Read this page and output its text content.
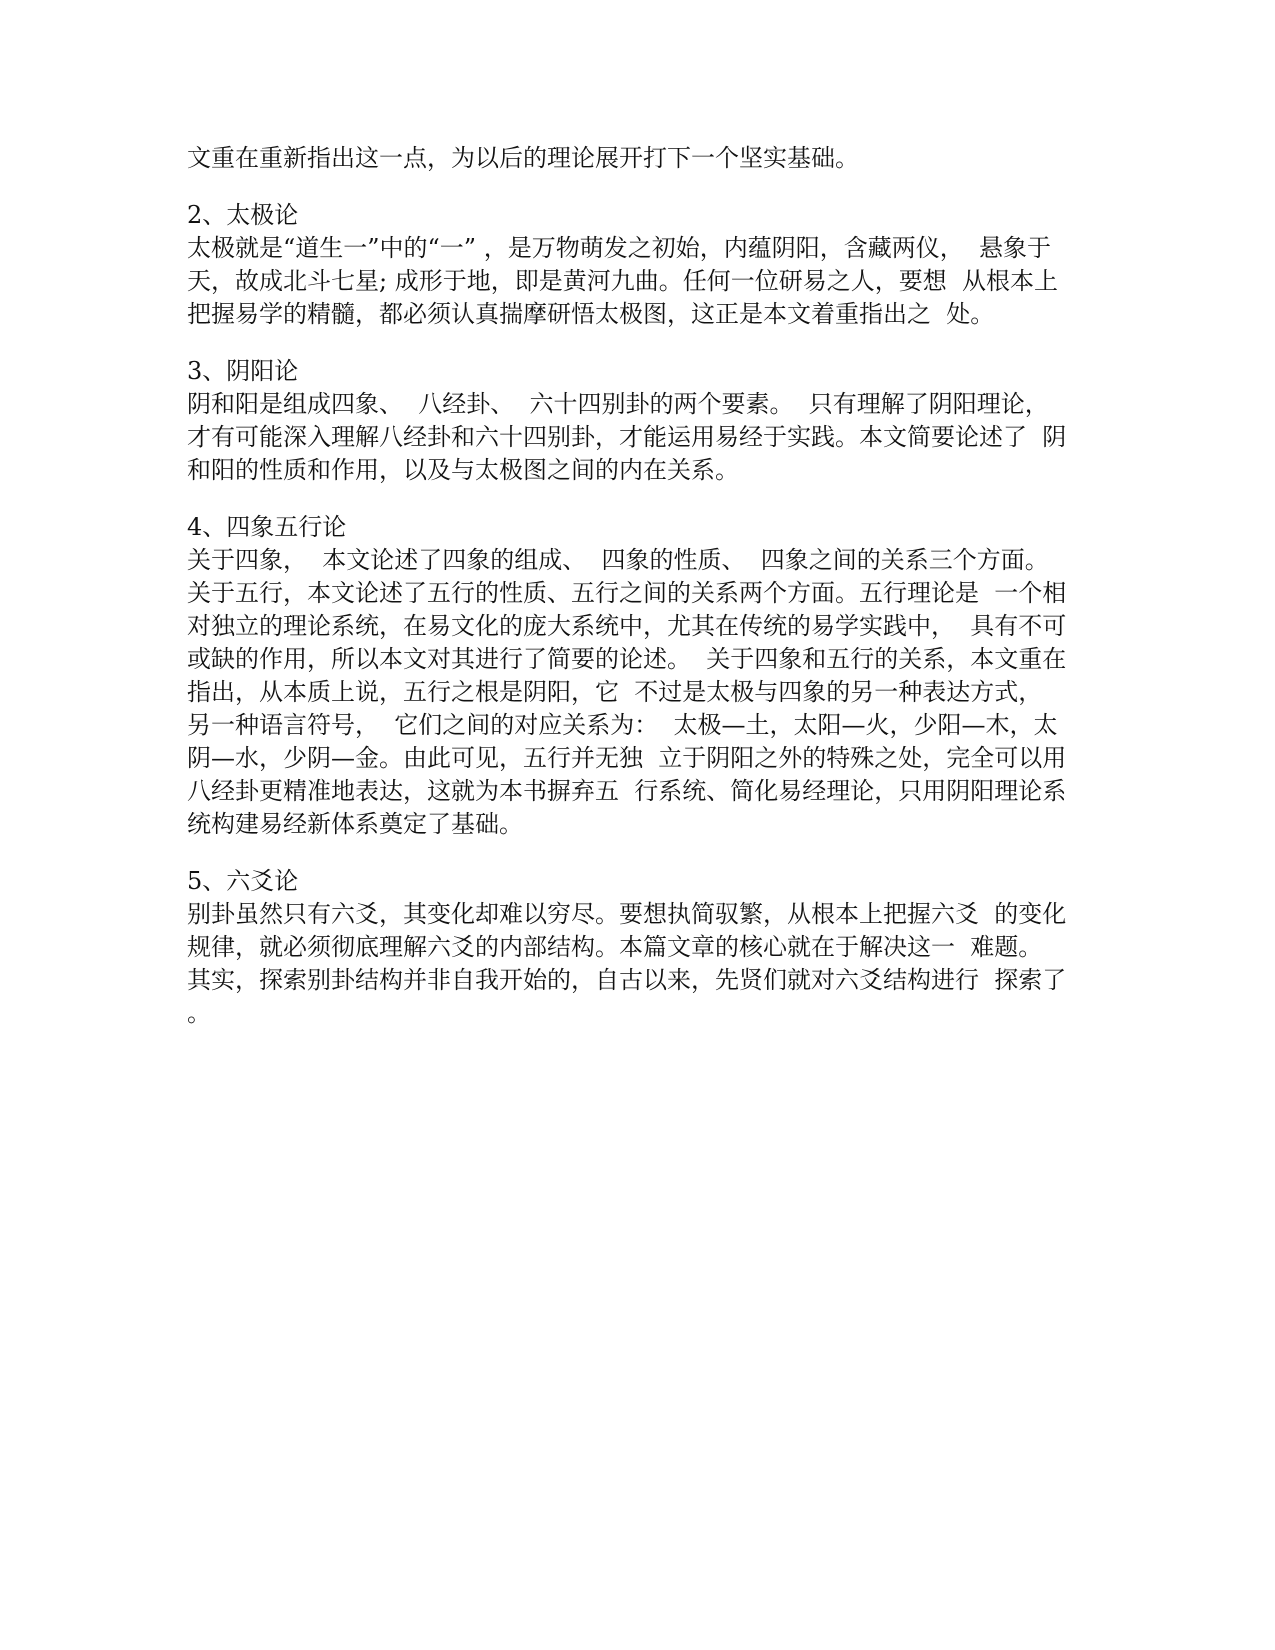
文重在重新指出这一点，为以后的理论展开打下一个坚实基础。
2、太极论
太极就是“道生一”中的“一” ，是万物萌发之初始，内蕴阴阳，含藏两仪，  悬象于
天，故成北斗七星; 成形于地，即是黄河九曲。任何一位研易之人，要想  从根本上
把握易学的精髓，都必须认真揣摩研悟太极图，这正是本文着重指出之  处。
3、阴阳论
阴和阳是组成四象、  八经卦、  六十四别卦的两个要素。  只有理解了阴阳理论，
才有可能深入理解八经卦和六十四别卦，才能运用易经于实践。本文简要论述了  阴
和阳的性质和作用，以及与太极图之间的内在关系。
4、四象五行论
关于四象，  本文论述了四象的组成、  四象的性质、  四象之间的关系三个方面。
关于五行，本文论述了五行的性质、五行之间的关系两个方面。五行理论是  一个相
对独立的理论系统，在易文化的庞大系统中，尤其在传统的易学实践中，  具有不可
或缺的作用，所以本文对其进行了简要的论述。  关于四象和五行的关系，本文重在
指出，从本质上说，五行之根是阴阳，它  不过是太极与四象的另一种表达方式，
另一种语言符号，  它们之间的对应关系为：  太极—土，太阳—火，少阳—木，太
阴—水，少阴—金。由此可见，五行并无独  立于阴阳之外的特殊之处，完全可以用
八经卦更精准地表达，这就为本书摒弃五  行系统、简化易经理论，只用阴阳理论系
统构建易经新体系奠定了基础。
5、六爻论
别卦虽然只有六爻，其变化却难以穷尽。要想执简驭繁，从根本上把握六爻  的变化
规律，就必须彻底理解六爻的内部结构。本篇文章的核心就在于解决这一  难题。
其实，探索别卦结构并非自我开始的，自古以来，先贤们就对六爻结构进行  探索了
。
